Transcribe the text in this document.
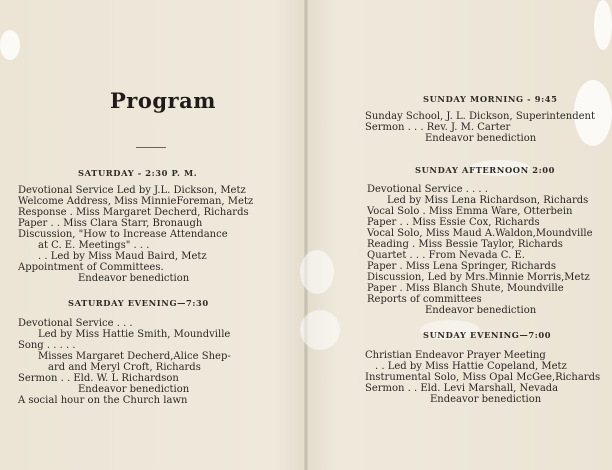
Program
SATURDAY - 2:30 P. M.
Devotional Service Led by J.L. Dickson, Metz
Welcome Address, Miss MinnieForeman, Metz
Response . Miss Margaret Decherd, Richards
Paper . . Miss Clara Starr, Bronaugh
Discussion, "How to Increase Attendance
at C. E. Meetings" . . .
. . Led by Miss Maud Baird, Metz
Appointment of Committees.
Endeavor benediction
SATURDAY EVENING—7:30
Devotional Service . . .
Led by Miss Hattie Smith, Moundville
Song . . . . .
Misses Margaret Decherd,Alice Shep-
ard and Meryl Croft, Richards
Sermon . . Eld. W. L Richardson
Endeavor benediction
A social hour on the Church lawn
SUNDAY MORNING - 9:45
Sunday School, J. L. Dickson, Superintendent
Sermon . . . Rev. J. M. Carter
Endeavor benediction
SUNDAY AFTERNOON 2:00
Devotional Service . . . .
Led by Miss Lena Richardson, Richards
Vocal Solo . Miss Emma Ware, Otterbein
Paper . . Miss Essie Cox, Richards
Vocal Solo, Miss Maud A.Waldon,Moundville
Reading . Miss Bessie Taylor, Richards
Quartet . . . From Nevada C. E.
Paper . Miss Lena Springer, Richards
Discussion, Led by Mrs.Minnie Morris,Metz
Paper . Miss Blanch Shute, Moundville
Reports of committees
Endeavor benediction
SUNDAY EVENING—7:00
Christian Endeavor Prayer Meeting
. . Led by Miss Hattie Copeland, Metz
Instrumental Solo, Miss Opal McGee,Richards
Sermon . . Eld. Levi Marshall, Nevada
Endeavor benediction
